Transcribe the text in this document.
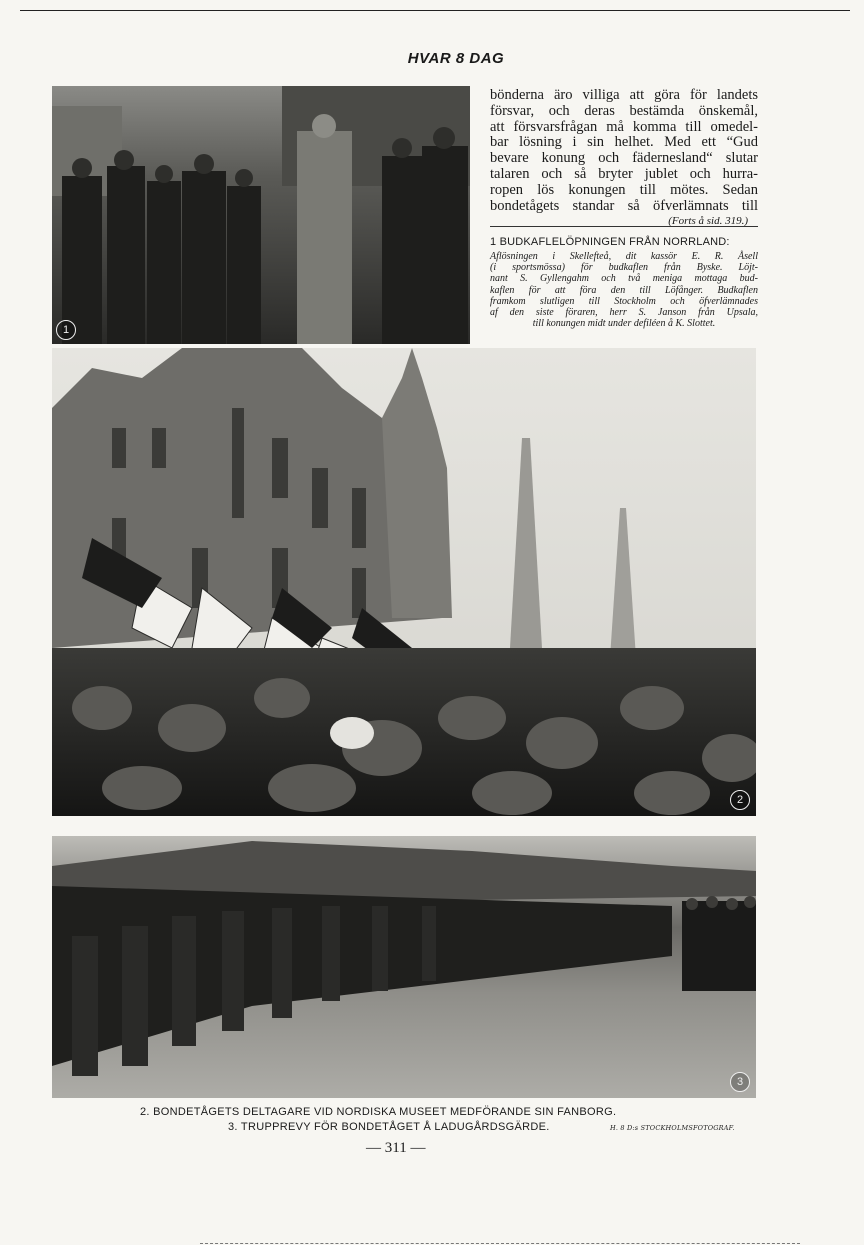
HVAR 8 DAG
1
bönderna äro villiga att göra för landets
försvar, och deras bestämda önskemål,
att försvarsfrågan må komma till omedel-
bar lösning i sin helhet. Med ett “Gud
bevare konung och fädernesland“ slutar
talaren och så bryter jublet och hurra-
ropen lös konungen till mötes. Sedan
bondetågets standar så öfverlämnats till
(Forts å sid. 319.)
1 BUDKAFLELÖPNINGEN FRÅN NORRLAND:
Aflösningen i Skellefteå, dit kassör E. R. Åsell
(i sportsmössa) för budkaflen från Byske. Löjt-
nant S. Gyllengahm och två meniga mottaga bud-
kaflen för att föra den till Löfånger. Budkaflen
framkom slutligen till Stockholm och öfverlämnades
af den siste föraren, herr S. Janson från Upsala,
till konungen midt under defiléen å K. Slottet.
2
3
2. BONDETÅGETS DELTAGARE VID NORDISKA MUSEET MEDFÖRANDE SIN FANBORG.
3. TRUPPREVY FÖR BONDETÅGET Å LADUGÅRDSGÄRDE.	H. 8 D:s STOCKHOLMSFOTOGRAF.
— 311 —
